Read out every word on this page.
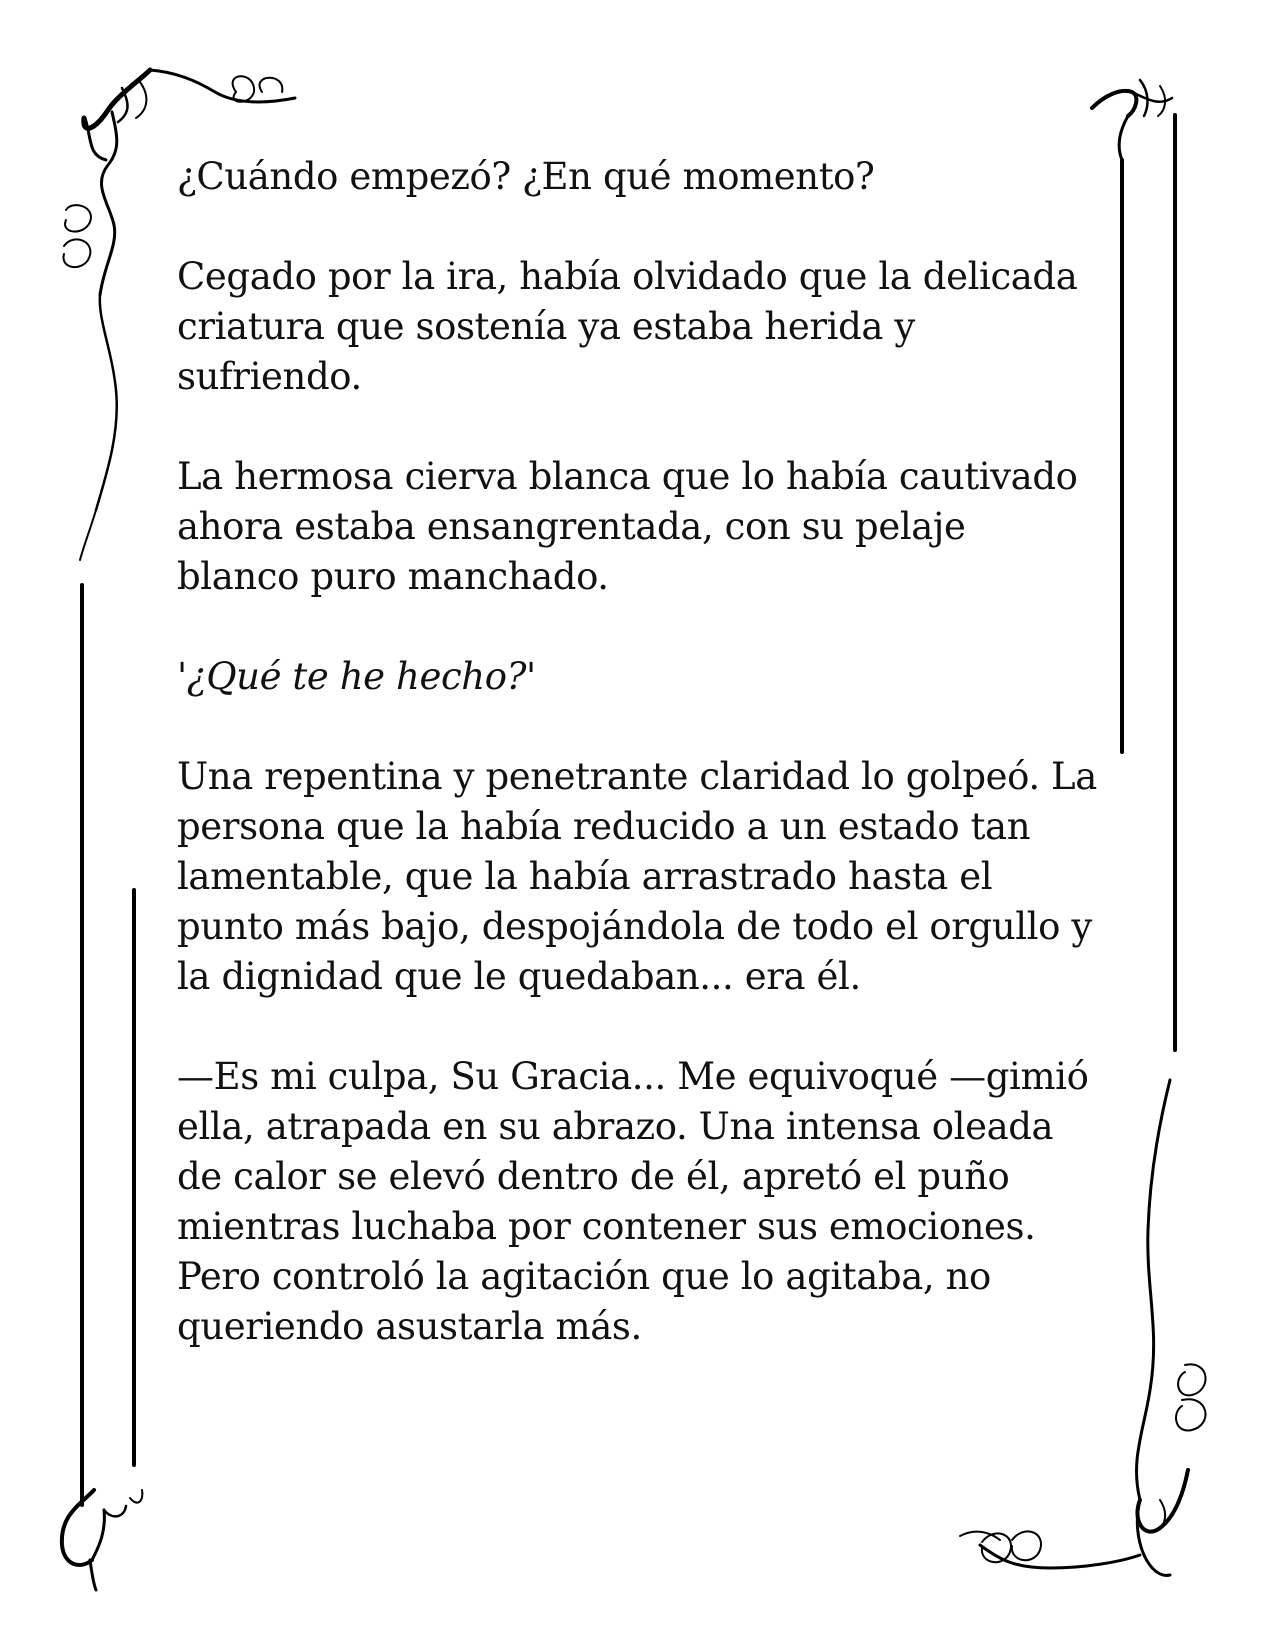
¿Cuándo empezó? ¿En qué momento?

Cegado por la ira, había olvidado que la delicada criatura que sostenía ya estaba herida y sufriendo.

La hermosa cierva blanca que lo había cautivado ahora estaba ensangrentada, con su pelaje blanco puro manchado.

'¿Qué te he hecho?'

Una repentina y penetrante claridad lo golpeó. La persona que la había reducido a un estado tan lamentable, que la había arrastrado hasta el punto más bajo, despojándola de todo el orgullo y la dignidad que le quedaban... era él.

—Es mi culpa, Su Gracia... Me equivoqué —gimió ella, atrapada en su abrazo. Una intensa oleada de calor se elevó dentro de él, apretó el puño mientras luchaba por contener sus emociones. Pero controló la agitación que lo agitaba, no queriendo asustarla más.
